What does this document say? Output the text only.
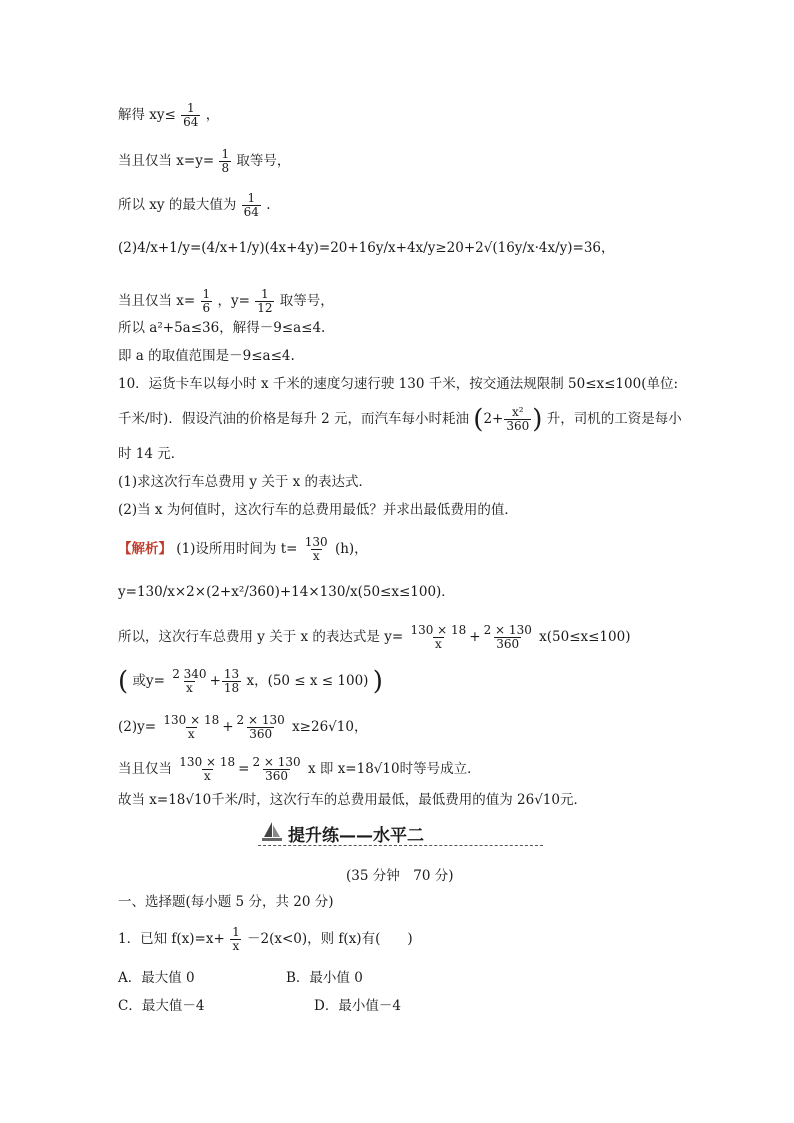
解得 $xy\le \frac{1}{64}$ ，
当且仅当 $x=y= \frac{1}{8}$ 取等号，
所以 xy 的最大值为 $\frac{1}{64}$ .
(2)4/x+1/y=(4/x+1/y)(4x+4y)=20+16y/x+4x/y≥20+2√(16y/x·4x/y)=36，
当且仅当 $x= \frac{1}{6}$ ，$y= \frac{1}{12}$ 取等号，
所以 a²+5a≤36，解得－9≤a≤4.
即 a 的取值范围是－9≤a≤4.
10．运货卡车以每小时 x 千米的速度匀速行驶 130 千米，按交通法规限制 50≤x≤100(单位:
千米/时)．假设汽油的价格是每升 2 元，而汽车每小时耗油 ($2+ \frac{\text{x²}}{360}$ ) 升，司机的工资是每小
时 14 元．
(1)求这次行车总费用 y 关于 x 的表达式．
(2)当 x 为何值时，这次行车的总费用最低？并求出最低费用的值．
【解析】 (1)设所用时间为 $t= \frac{130}{x} (h)$，
y=130/x×2×(2+x²/360)+14×130/x(50≤x≤100)．
所以，这次行车总费用 y 关于 x 的表达式是 $y= \frac{130 \times 18}{x} + \frac{2 \times 130}{360} x(50\le x\le 100)$
( 或$y= \frac{2 340}{x} + \frac{13}{18}$ x，(50 ≤ x ≤ 100) )
$(2)y= \frac{130 \times 18}{x} + \frac{2 \times 130}{360} x\ge 26√10$，
当且仅当 $\frac{130 \times 18}{x} = \frac{2 \times 130}{360}$ x 即 x=18√10时等号成立．
故当 x=18√10千米/时，这次行车的总费用最低，最低费用的值为 26√10元．
提升练——水平二
(35 分钟　70 分)
一、选择题(每小题 5 分，共 20 分)
1．已知 $f(x)=x+ \frac{1}{x} -2(x<0)$，则 f(x)有(　　)
A．最大值 0	B．最小值 0
C．最大值－4	D．最小值－4
